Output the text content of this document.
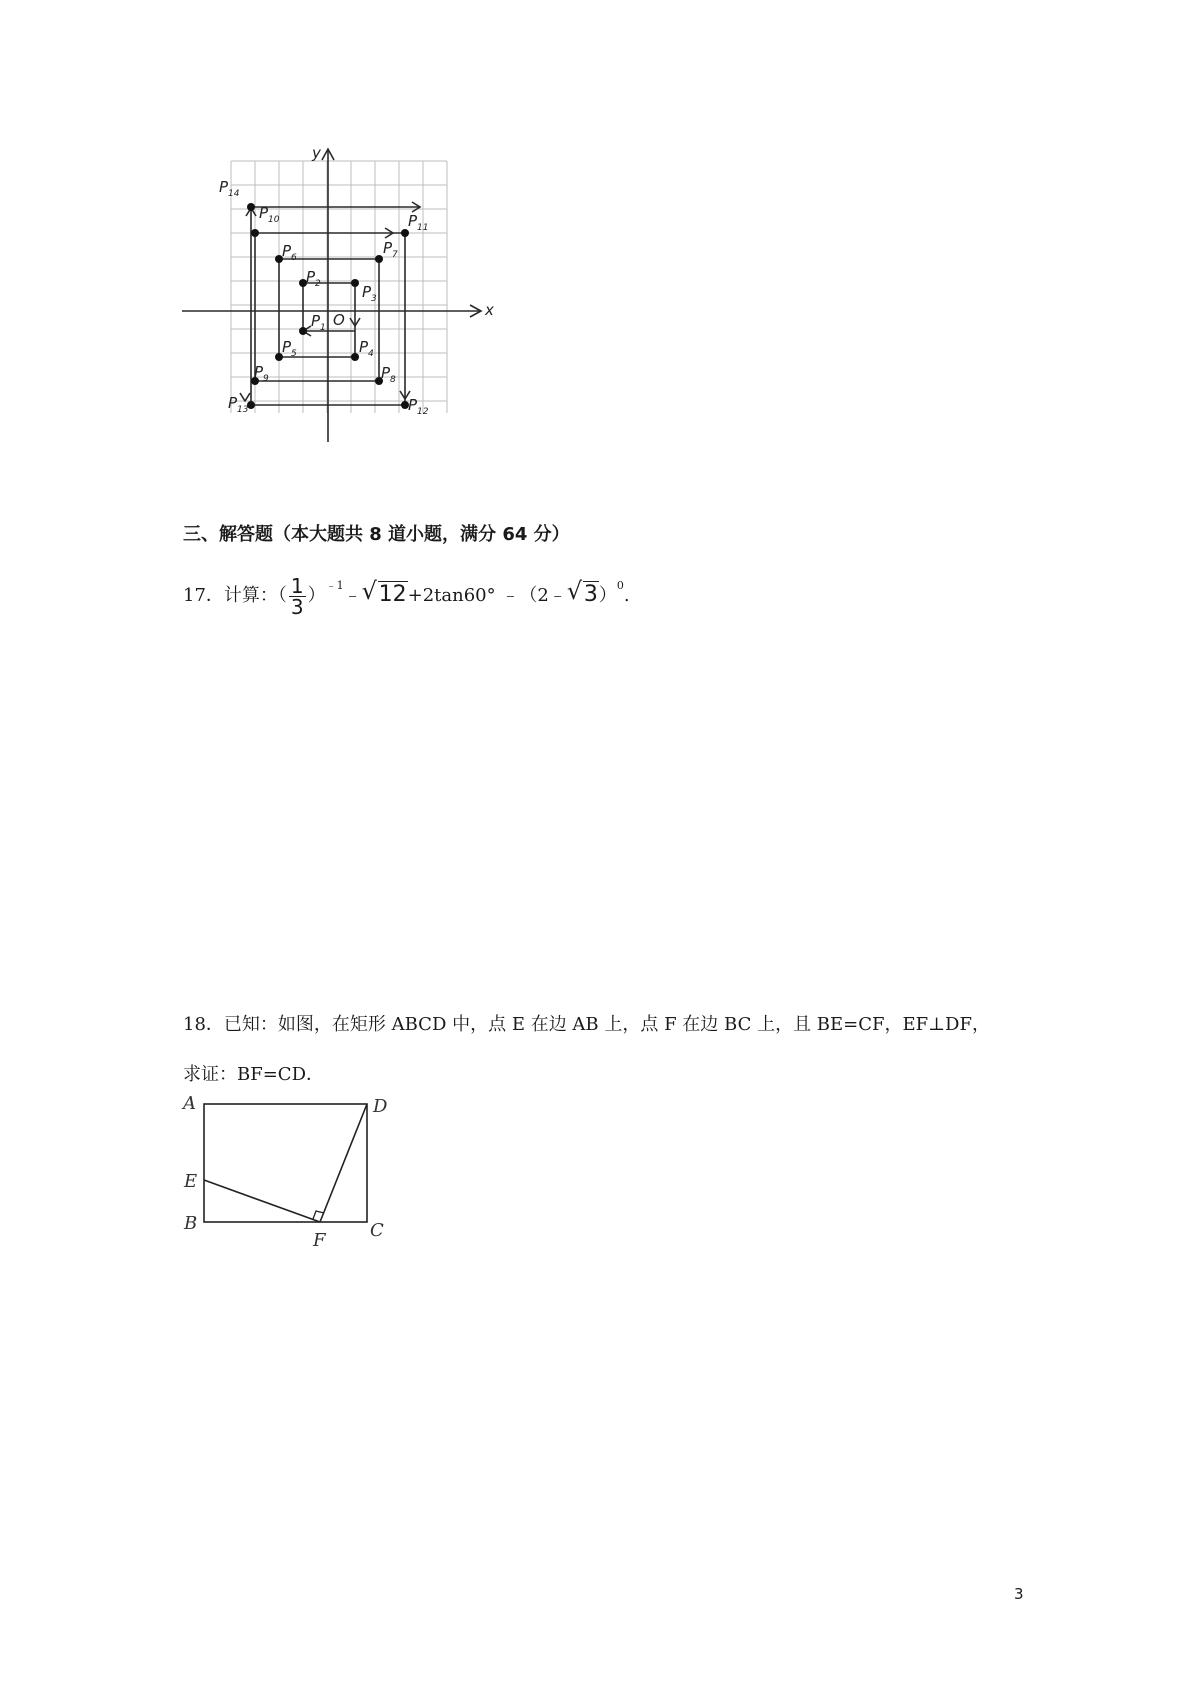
x
y
O
$P_1$
$P_2$	$P_3$
$P_4$
$P_5$
$P_6$
$P_7$
$P_8$
$P_9$
$P_{10}$	$P_{11}$
$P_{12}$
$P_{13}$
$P_{14}$
三、解答题（本大题共 8 道小题，满分 64 分）
17．计算：（ $\frac{1}{3}$ ）$^{﹣1}$﹣ √ 12+2tan60° ﹣（2﹣ √ 3）$^0$.
18．已知：如图，在矩形 ABCD 中，点 E 在边 AB 上，点 F 在边 BC 上，且 BE=CF，EF⊥DF，
求证：BF=CD．
A	D
E
B
F C
3
